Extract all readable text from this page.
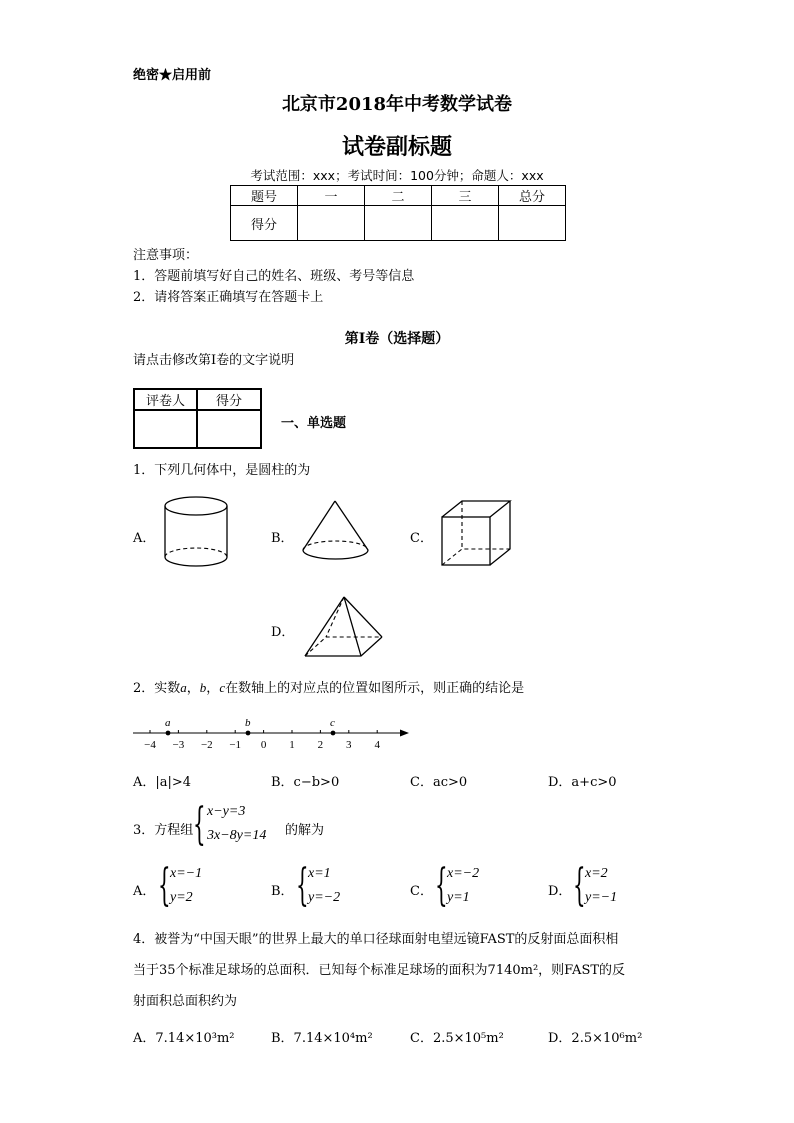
绝密★启用前
北京市2018年中考数学试卷
试卷副标题
考试范围：xxx；考试时间：100分钟；命题人：xxx
题号	一	二	三	总分
得分				
注意事项：
1．答题前填写好自己的姓名、班级、考号等信息
2．请将答案正确填写在答题卡上
第I卷（选择题）
请点击修改第I卷的文字说明
评卷人	得分

一、单选题
1．下列几何体中，是圆柱的为
A．	B．	C．
D．
2．实数a，b，c在数轴上的对应点的位置如图所示，则正确的结论是
−4 −3 −2 −1 0 1 2 3 4
a	b	c
A．|a|>4	B．c−b>0	C．ac>0	D．a+c>0
3．方程组 { x−y=3
3x−8y=14 的解为
A． { x=−1
y=2	B． { x=1
y=−2	C． { x=−2
y=1	D． { x=2
y=−1
4．被誉为“中国天眼”的世界上最大的单口径球面射电望远镜FAST的反射面总面积相
当于35个标准足球场的总面积．已知每个标准足球场的面积为7140m²，则FAST的反
射面积总面积约为
A．7.14×10³m²	B．7.14×10⁴m²	C．2.5×10⁵m²	D．2.5×10⁶m²
